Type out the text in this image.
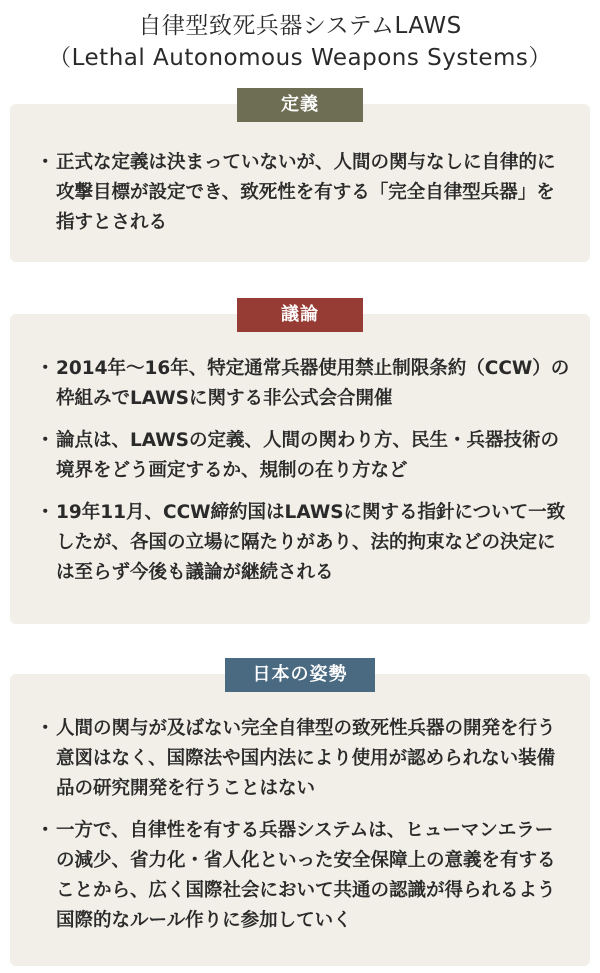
自律型致死兵器システムLAWS
（Lethal Autonomous Weapons Systems）
定義
・ 正式な定義は決まっていないが、人間の関与なしに自律的に攻撃目標が設定でき、致死性を有する「完全自律型兵器」を指すとされる
議論
・ 2014年～16年、特定通常兵器使用禁止制限条約（CCW）の枠組みでLAWSに関する非公式会合開催
・ 論点は、LAWSの定義、人間の関わり方、民生・兵器技術の境界をどう画定するか、規制の在り方など
・ 19年11月、CCW締約国はLAWSに関する指針について一致したが、各国の立場に隔たりがあり、法的拘束などの決定には至らず今後も議論が継続される
日本の姿勢
・ 人間の関与が及ばない完全自律型の致死性兵器の開発を行う意図はなく、国際法や国内法により使用が認められない装備品の研究開発を行うことはない
・ 一方で、自律性を有する兵器システムは、ヒューマンエラーの減少、省力化・省人化といった安全保障上の意義を有することから、広く国際社会において共通の認識が得られるよう国際的なルール作りに参加していく
